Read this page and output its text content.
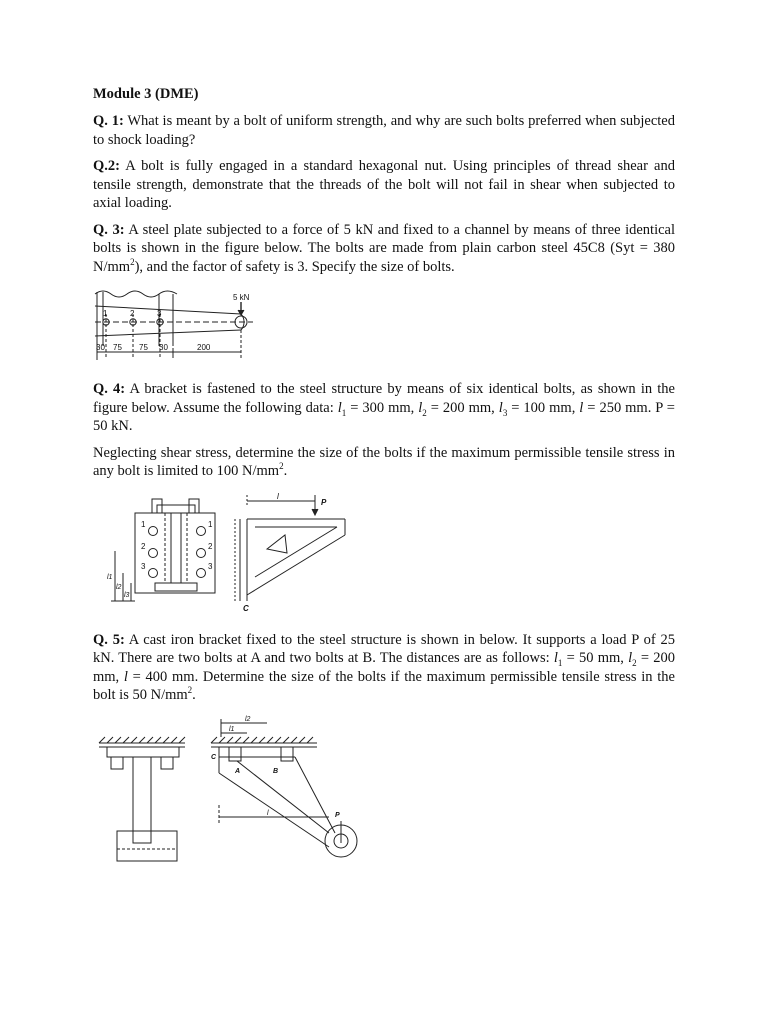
Module 3 (DME)
Q. 1: What is meant by a bolt of uniform strength, and why are such bolts preferred when subjected to shock loading?
Q.2: A bolt is fully engaged in a standard hexagonal nut. Using principles of thread shear and tensile strength, demonstrate that the threads of the bolt will not fail in shear when subjected to axial loading.
Q. 3: A steel plate subjected to a force of 5 kN and fixed to a channel by means of three identical bolts is shown in the figure below. The bolts are made from plain carbon steel 45C8 (Syt = 380 $N/mm^2$), and the factor of safety is 3. Specify the size of bolts.
5 kN
1	2	3
30 75 75 30	200
Q. 4: A bracket is fastened to the steel structure by means of six identical bolts, as shown in the figure below. Assume the following data: $l_1 = 300$ mm, $l_2 = 200$ mm, $l_3 = 100$ mm, l = 250 mm. P = 50 kN.
Neglecting shear stress, determine the size of the bolts if the maximum permissible tensile stress in any bolt is limited to 100 $N/mm^2$.
1
2
3
1
2
3
l1
l2
l3
l
P
C
Q. 5: A cast iron bracket fixed to the steel structure is shown in below. It supports a load P of 25 kN. There are two bolts at A and two bolts at B. The distances are as follows: $l_1 = 50$ mm, $l_2 = 200$ mm, l = 400 mm. Determine the size of the bolts if the maximum permissible tensile stress in the bolt is 50 $N/mm^2$.
l2
l1
C
A	B
P
l
